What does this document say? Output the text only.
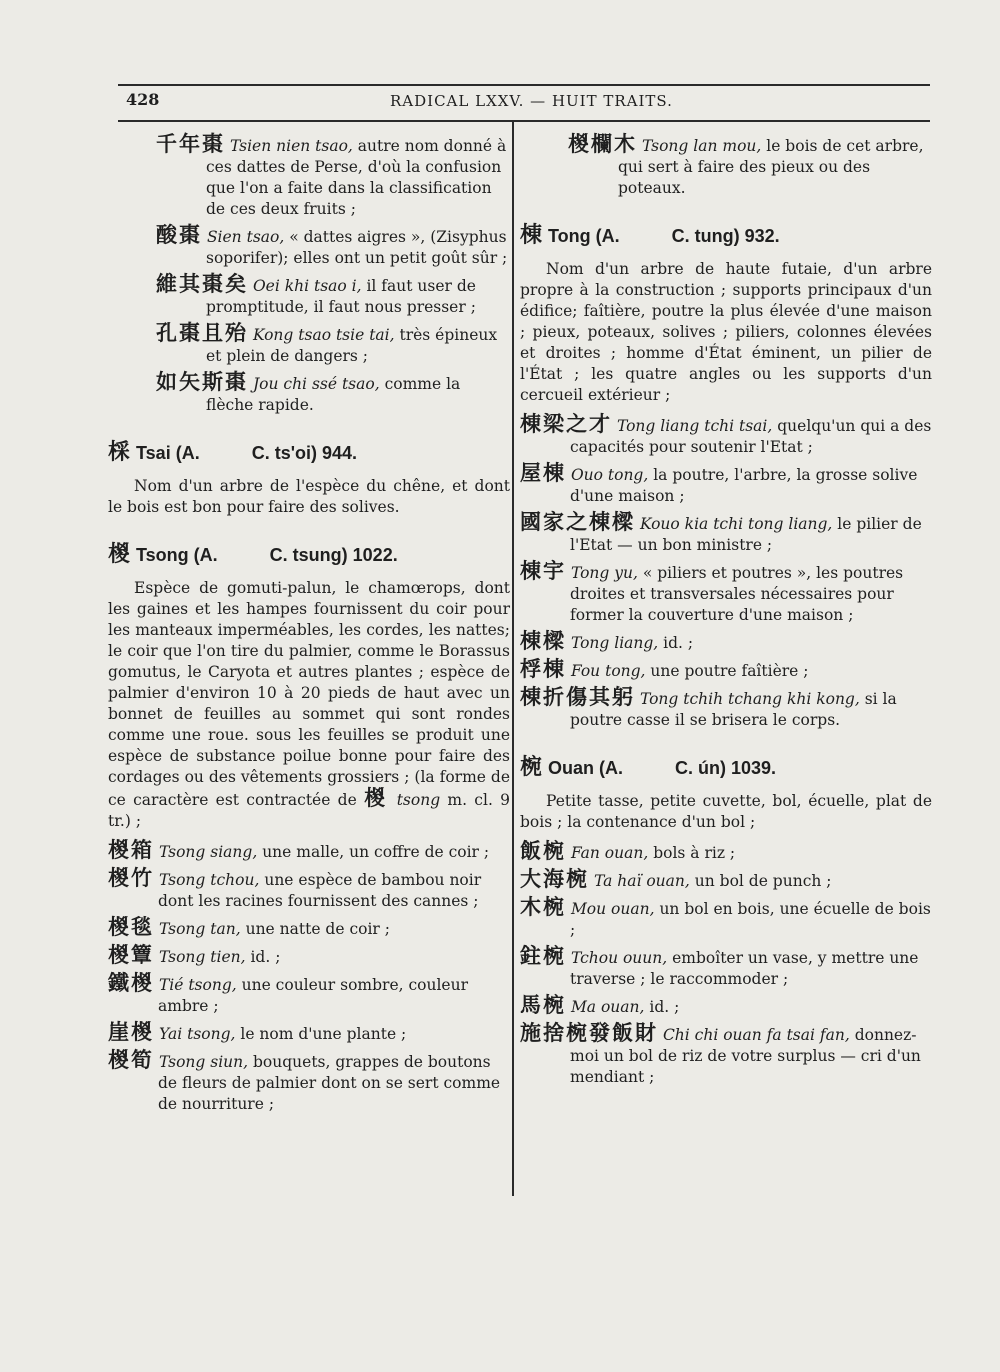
428	RADICAL LXXV. — HUIT TRAITS.
千年棗 Tsien nien tsao, autre nom donné à ces dattes de Perse, d'où la confusion que l'on a faite dans la classification de ces deux fruits ;
酸棗 Sien tsao, « dattes aigres », (Zisyphus soporifer); elles ont un petit goût sûr ;
維其棗矣 Oei khi tsao i, il faut user de promptitude, il faut nous presser ;
孔棗且殆 Kong tsao tsie tai, très épineux et plein de dangers ;
如矢斯棗 Jou chi ssé tsao, comme la flèche rapide.
棌 Tsai (A.	C. ts'oi) 944.

Nom d'un arbre de l'espèce du chêne, et dont le bois est bon pour faire des solives.

椶 Tsong (A.	C. tsung) 1022.

Espèce de gomuti-palun, le chamœrops, dont les gaines et les hampes fournissent du coir pour les manteaux imperméables, les cordes, les nattes; le coir que l'on tire du palmier, comme le Borassus gomutus, le Caryota et autres plantes ; espèce de palmier d'environ 10 à 20 pieds de haut avec un bonnet de feuilles au sommet qui sont rondes comme une roue. sous les feuilles se produit une espèce de substance poilue bonne pour faire des cordages ou des vêtements grossiers ; (la forme de ce caractère est contractée de 椶 tsong m. cl. 9 tr.) ;

椶箱 Tsong siang, une malle, un coffre de coir ;
椶竹 Tsong tchou, une espèce de bambou noir dont les racines fournissent des cannes ;
椶毯 Tsong tan, une natte de coir ;
椶簟 Tsong tien, id. ;
鐵椶 Tié tsong, une couleur sombre, couleur ambre ;
崖椶 Yai tsong, le nom d'une plante ;
椶筍 Tsong siun, bouquets, grappes de boutons de fleurs de palmier dont on se sert comme de nourriture ;
椶欄木 Tsong lan mou, le bois de cet arbre, qui sert à faire des pieux ou des poteaux.
棟 Tong (A.	C. tung) 932.

Nom d'un arbre de haute futaie, d'un arbre propre à la construction ; supports principaux d'un édifice; faîtière, poutre la plus élevée d'une maison ; pieux, poteaux, solives ; piliers, colonnes élevées et droites ; homme d'État éminent, un pilier de l'État ; les quatre angles ou les supports d'un cercueil extérieur ;

棟梁之才 Tong liang tchi tsai, quelqu'un qui a des capacités pour soutenir l'Etat ;
屋棟 Ouo tong, la poutre, l'arbre, la grosse solive d'une maison ;
國家之棟樑 Kouo kia tchi tong liang, le pilier de l'Etat — un bon ministre ;
棟宇 Tong yu, « piliers et poutres », les poutres droites et transversales nécessaires pour former la couverture d'une maison ;
棟樑 Tong liang, id. ;
桴棟 Fou tong, une poutre faîtière ;
棟折傷其躬 Tong tchih tchang khi kong, si la poutre casse il se brisera le corps.
椀 Ouan (A.	C. ún) 1039.

Petite tasse, petite cuvette, bol, écuelle, plat de bois ; la contenance d'un bol ;

飯椀 Fan ouan, bols à riz ;
大海椀 Ta haï ouan, un bol de punch ;
木椀 Mou ouan, un bol en bois, une écuelle de bois ;
鉒椀 Tchou ouun, emboîter un vase, y mettre une traverse ; le raccommoder ;
馬椀 Ma ouan, id. ;
施捨椀發飯財 Chi chi ouan fa tsai fan, donnez-moi un bol de riz de votre surplus — cri d'un mendiant ;
